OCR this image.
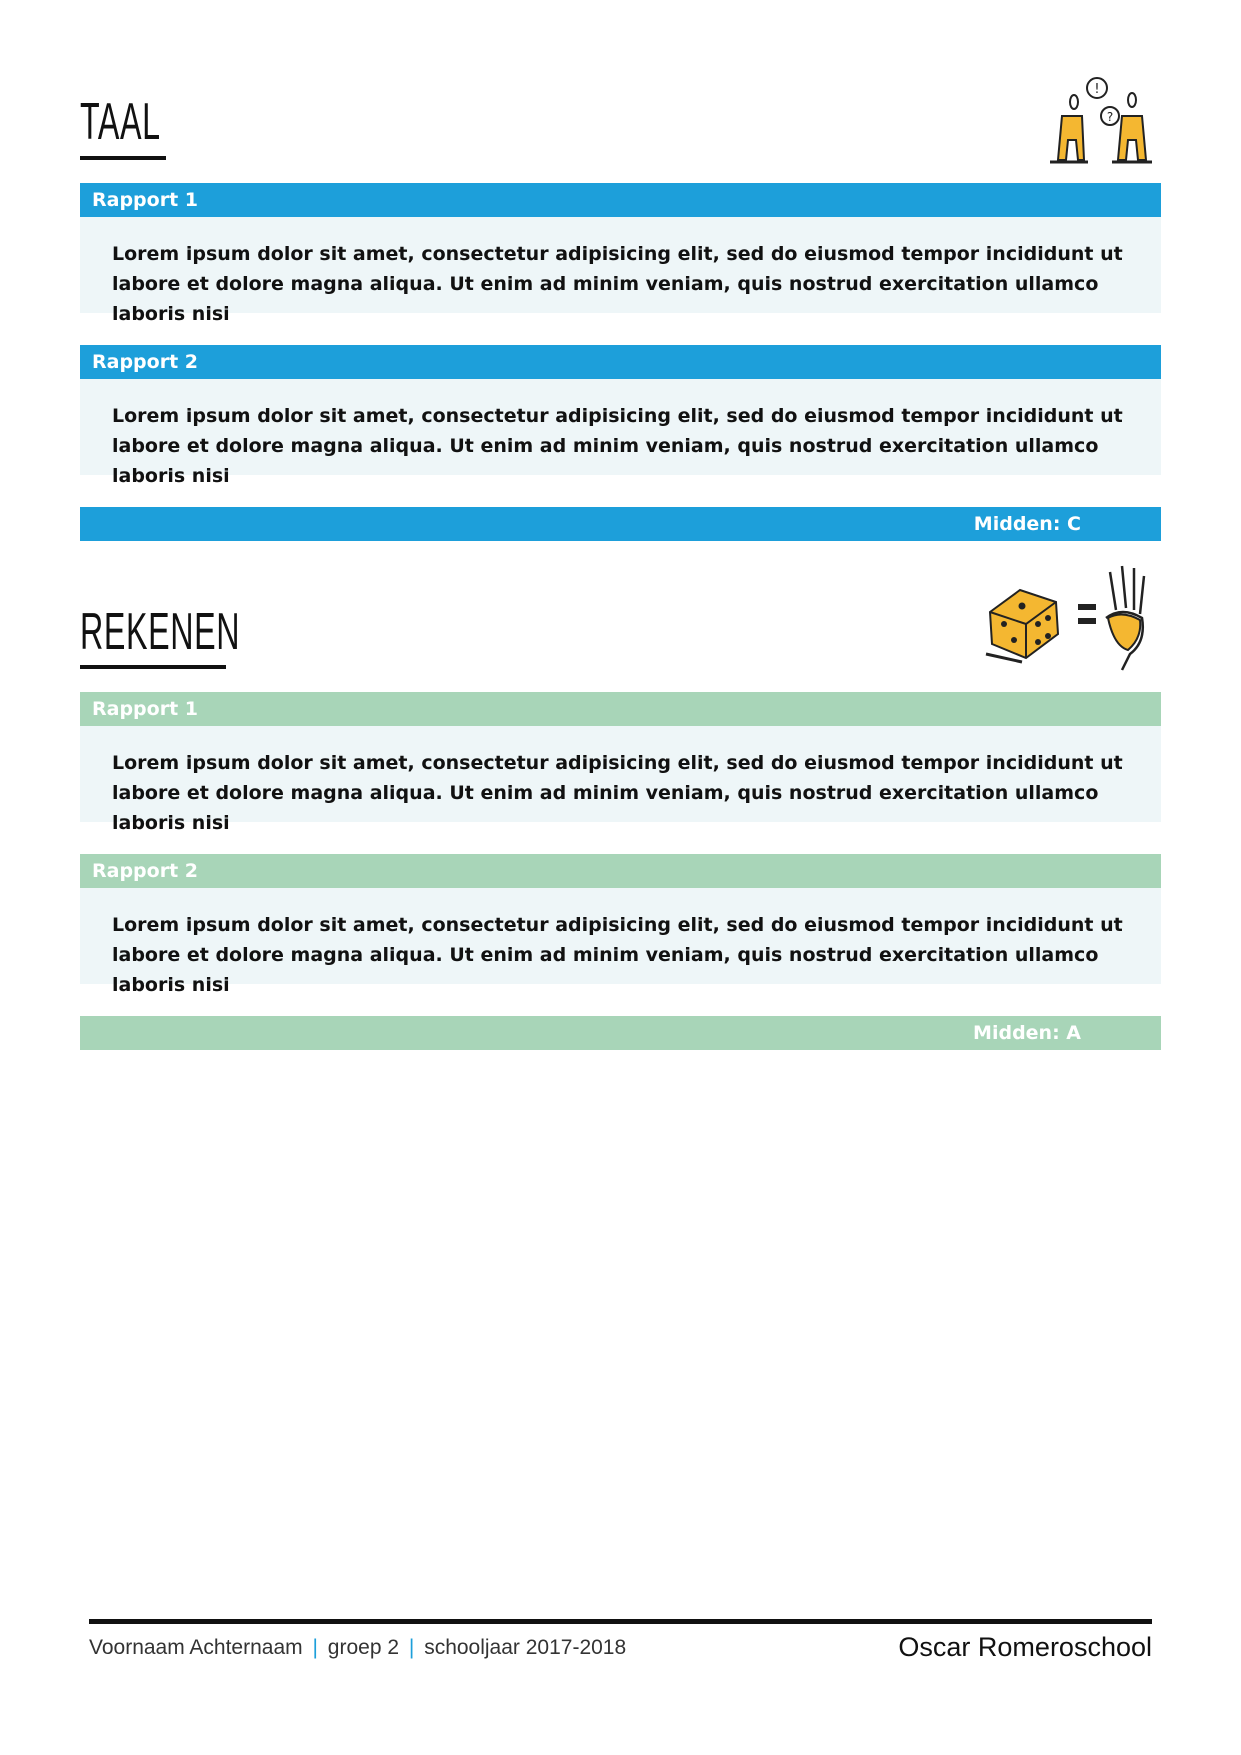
TAAL
!
?
Rapport 1
Lorem ipsum dolor sit amet, consectetur adipisicing elit, sed do eiusmod tempor incididunt ut labore et dolore magna aliqua. Ut enim ad minim veniam, quis nostrud exercitation ullamco laboris nisi
Rapport 2
Lorem ipsum dolor sit amet, consectetur adipisicing elit, sed do eiusmod tempor incididunt ut labore et dolore magna aliqua. Ut enim ad minim veniam, quis nostrud exercitation ullamco laboris nisi
Midden: C
REKENEN
Rapport 1
Lorem ipsum dolor sit amet, consectetur adipisicing elit, sed do eiusmod tempor incididunt ut labore et dolore magna aliqua. Ut enim ad minim veniam, quis nostrud exercitation ullamco laboris nisi
Rapport 2
Lorem ipsum dolor sit amet, consectetur adipisicing elit, sed do eiusmod tempor incididunt ut labore et dolore magna aliqua. Ut enim ad minim veniam, quis nostrud exercitation ullamco laboris nisi
Midden: A
Voornaam Achternaam | groep 2 | schooljaar 2017-2018	Oscar Romeroschool
